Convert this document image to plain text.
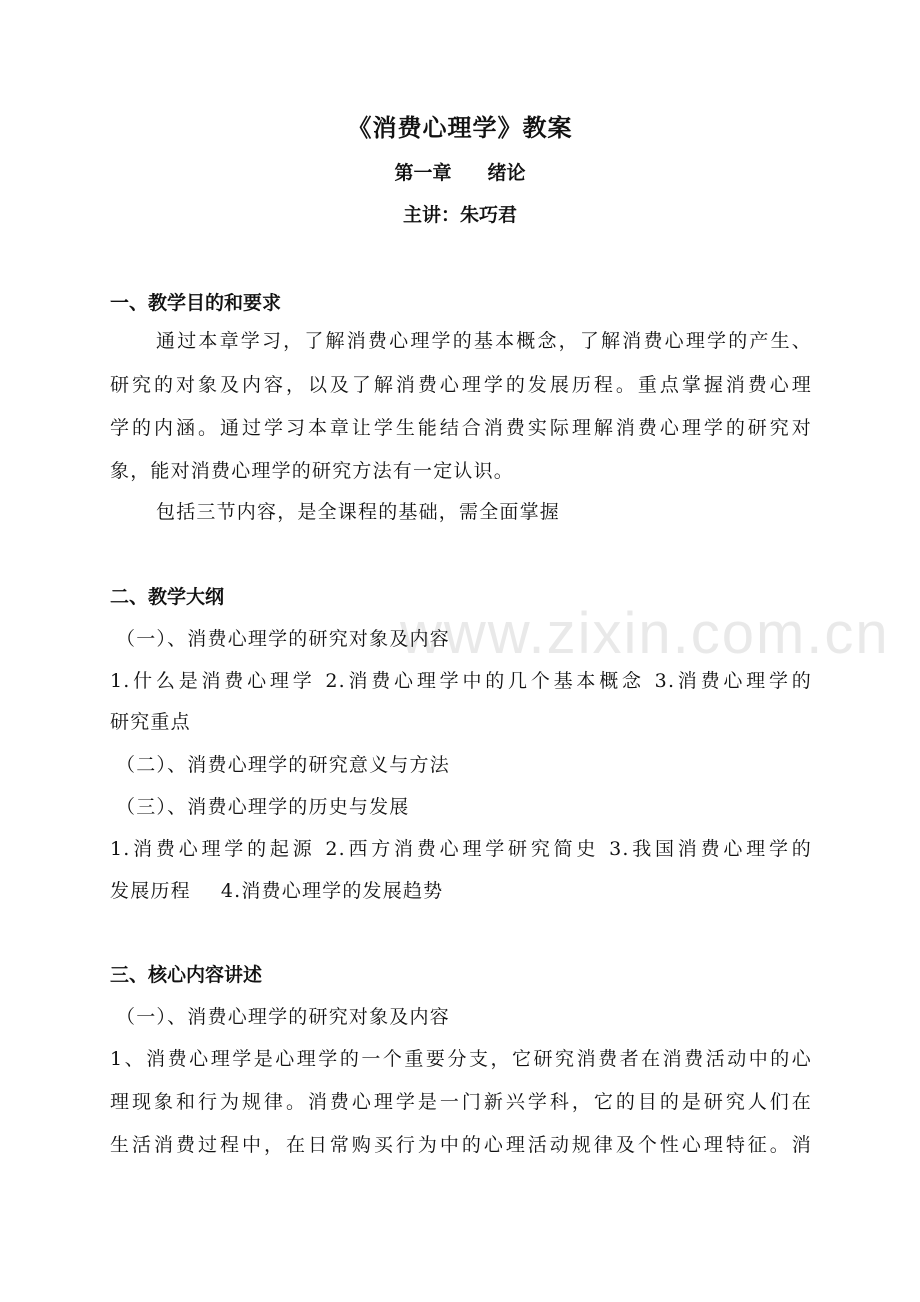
www.zixin.com.cn
《消费心理学》教案
第一章 绪论
主讲：朱巧君
一、教学目的和要求
通过本章学习，了解消费心理学的基本概念，了解消费心理学的产生、
研究的对象及内容，以及了解消费心理学的发展历程。重点掌握消费心理
学的内涵。通过学习本章让学生能结合消费实际理解消费心理学的研究对
象，能对消费心理学的研究方法有一定认识。
包括三节内容，是全课程的基础，需全面掌握
二、教学大纲
（一）、消费心理学的研究对象及内容
1.什么是消费心理学 2.消费心理学中的几个基本概念 3.消费心理学的
研究重点
（二）、消费心理学的研究意义与方法
（三）、消费心理学的历史与发展
1.消费心理学的起源 2.西方消费心理学研究简史 3.我国消费心理学的
发展历程 4.消费心理学的发展趋势
三、核心内容讲述
（一）、消费心理学的研究对象及内容
1、消费心理学是心理学的一个重要分支，它研究消费者在消费活动中的心
理现象和行为规律。消费心理学是一门新兴学科，它的目的是研究人们在
生活消费过程中，在日常购买行为中的心理活动规律及个性心理特征。消
